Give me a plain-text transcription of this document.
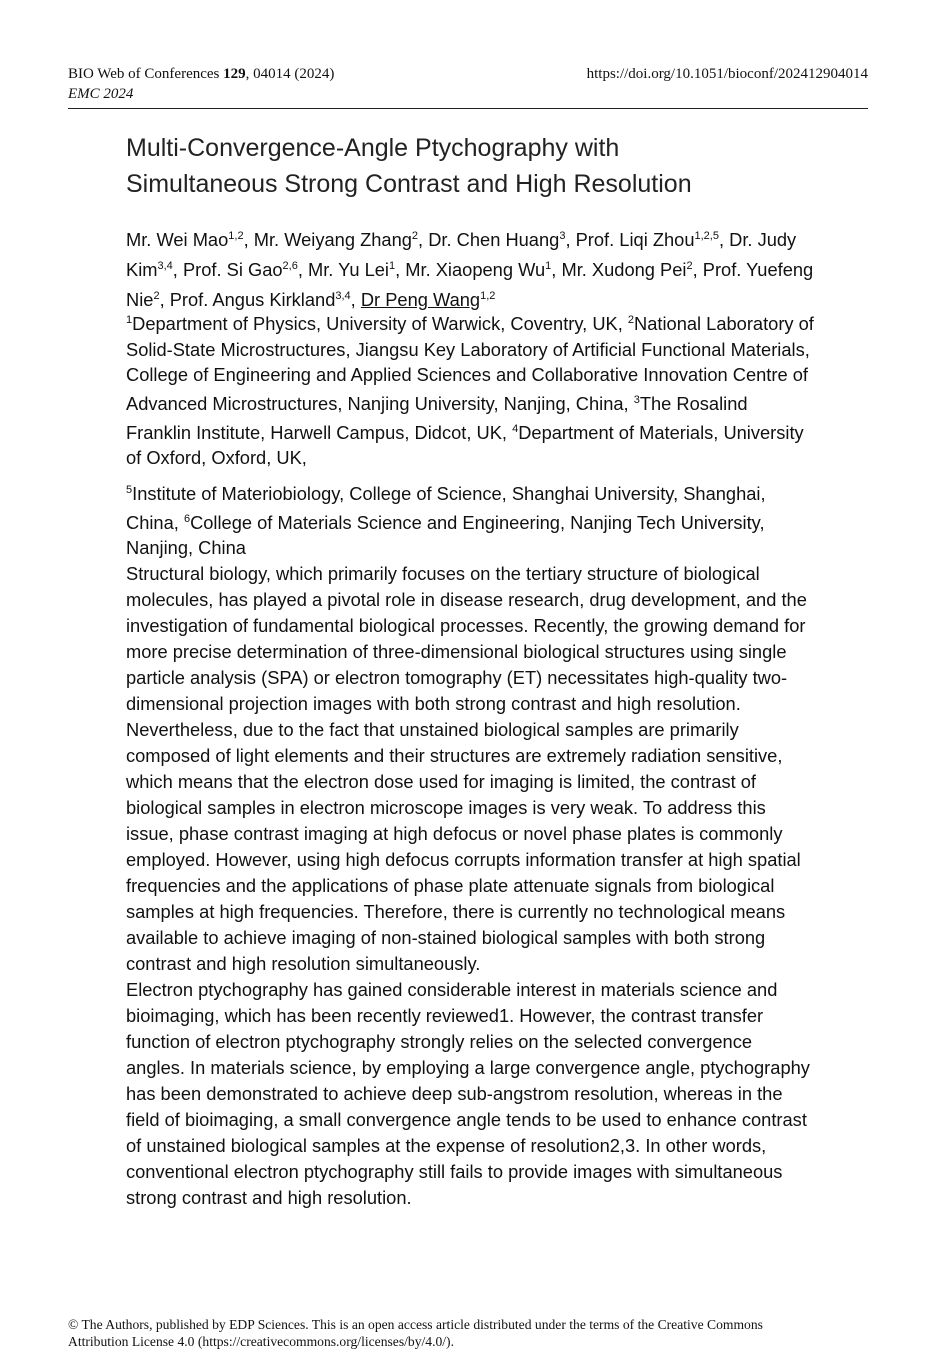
BIO Web of Conferences 129, 04014 (2024)	https://doi.org/10.1051/bioconf/202412904014
EMC 2024
Multi-Convergence-Angle Ptychography with
Simultaneous Strong Contrast and High Resolution
Mr. Wei Mao$^{1,2}$, Mr. Weiyang Zhang$^2$, Dr. Chen Huang$^3$, Prof. Liqi Zhou$^{1,2,5}$, Dr. Judy Kim$^{3,4}$, Prof. Si Gao$^{2,6}$, Mr. Yu Lei$^1$, Mr. Xiaopeng Wu$^1$, Mr. Xudong Pei$^2$, Prof. Yuefeng Nie$^2$, Prof. Angus Kirkland$^{3,4}$, Dr Peng Wang$^{1,2}$

$^1$Department of Physics, University of Warwick, Coventry, UK, $^2$National Laboratory of Solid-State Microstructures, Jiangsu Key Laboratory of Artificial Functional Materials, College of Engineering and Applied Sciences and Collaborative Innovation Centre of Advanced Microstructures, Nanjing University, Nanjing, China, $^3$The Rosalind Franklin Institute, Harwell Campus, Didcot, UK, $^4$Department of Materials, University of Oxford, Oxford, UK,

$^5$Institute of Materiobiology, College of Science, Shanghai University, Shanghai, China, $^6$College of Materials Science and Engineering, Nanjing Tech University, Nanjing, China

Structural biology, which primarily focuses on the tertiary structure of biological molecules, has played a pivotal role in disease research, drug development, and the investigation of fundamental biological processes. Recently, the growing demand for more precise determination of three-dimensional biological structures using single particle analysis (SPA) or electron tomography (ET) necessitates high-quality two-dimensional projection images with both strong contrast and high resolution. Nevertheless, due to the fact that unstained biological samples are primarily composed of light elements and their structures are extremely radiation sensitive, which means that the electron dose used for imaging is limited, the contrast of biological samples in electron microscope images is very weak. To address this issue, phase contrast imaging at high defocus or novel phase plates is commonly employed. However, using high defocus corrupts information transfer at high spatial frequencies and the applications of phase plate attenuate signals from biological samples at high frequencies. Therefore, there is currently no technological means available to achieve imaging of non-stained biological samples with both strong contrast and high resolution simultaneously.

Electron ptychography has gained considerable interest in materials science and bioimaging, which has been recently reviewed1. However, the contrast transfer function of electron ptychography strongly relies on the selected convergence angles. In materials science, by employing a large convergence angle, ptychography has been demonstrated to achieve deep sub-angstrom resolution, whereas in the field of bioimaging, a small convergence angle tends to be used to enhance contrast of unstained biological samples at the expense of resolution2,3. In other words, conventional electron ptychography still fails to provide images with simultaneous strong contrast and high resolution.

© The Authors, published by EDP Sciences. This is an open access article distributed under the terms of the Creative Commons
Attribution License 4.0 (https://creativecommons.org/licenses/by/4.0/).
